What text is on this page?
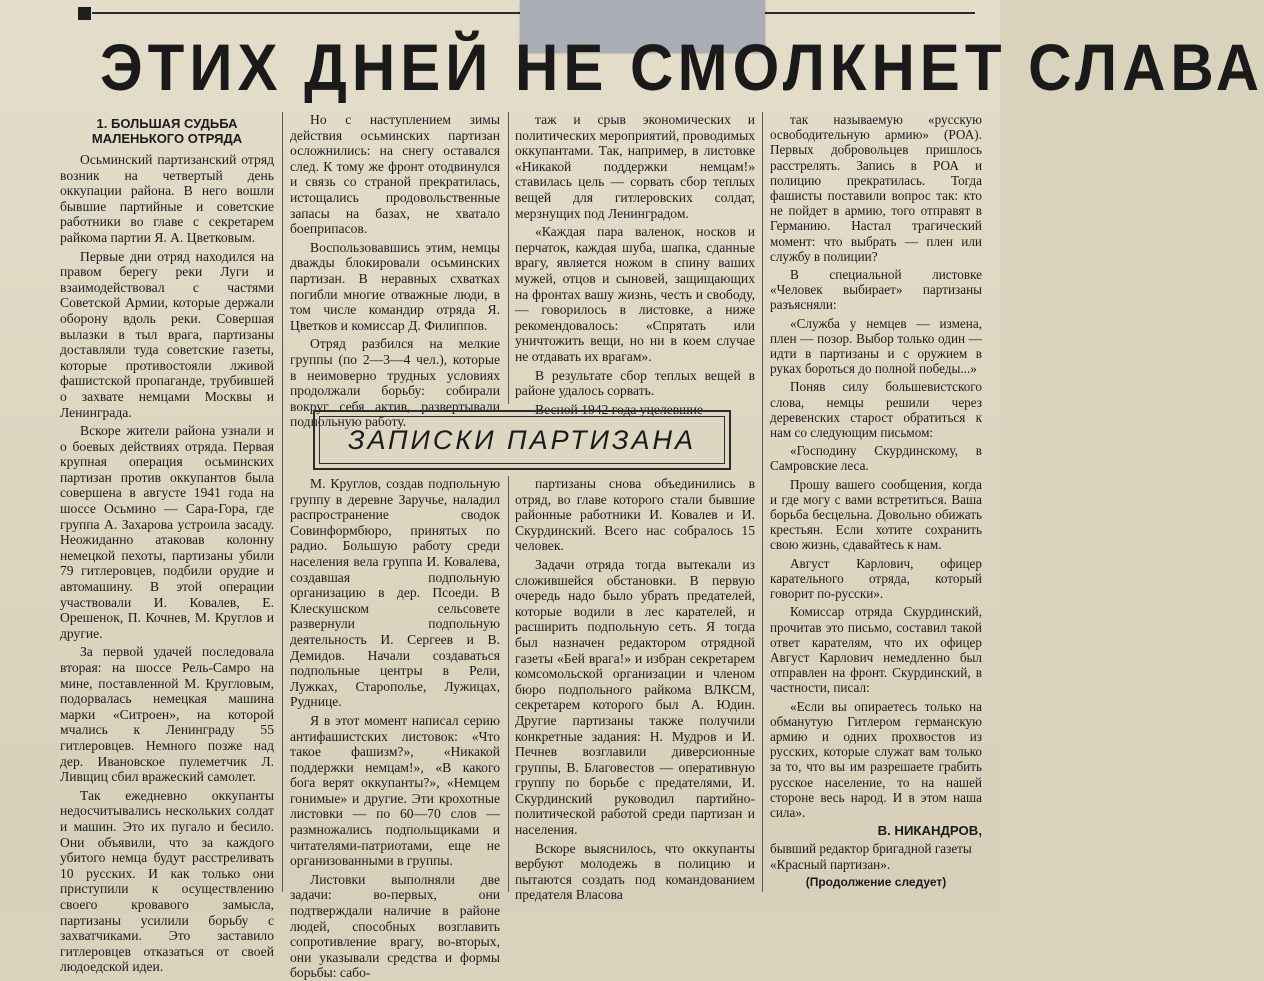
ЭТИХ ДНЕЙ НЕ СМОЛКНЕТ СЛАВА
1. БОЛЬШАЯ СУДЬБА МАЛЕНЬКОГО ОТРЯДА

Осьминский партизанский отряд возник на четвертый день оккупации района. В него вошли бывшие партийные и советские работники во главе с секретарем райкома партии Я. А. Цветковым.

Первые дни отряд находился на правом берегу реки Луги и взаимодействовал с частями Советской Армии, которые держали оборону вдоль реки. Совершая вылазки в тыл врага, партизаны доставляли туда советские газеты, которые противостояли лживой фашистской пропаганде, трубившей о захвате немцами Москвы и Ленинграда.

Вскоре жители района узнали и о боевых действиях отряда. Первая крупная операция осьминских партизан против оккупантов была совершена в августе 1941 года на шоссе Осьмино — Сара-Гора, где группа А. Захарова устроила засаду. Неожиданно атаковав колонну немецкой пехоты, партизаны убили 79 гитлеровцев, подбили орудие и автомашину. В этой операции участвовали И. Ковалев, Е. Орешенок, П. Кочнев, М. Круглов и другие.

За первой удачей последовала вторая: на шоссе Рель-Самро на мине, поставленной М. Кругловым, подорвалась немецкая машина марки «Ситроен», на которой мчались к Ленинграду 55 гитлеровцев. Немного позже над дер. Ивановское пулеметчик Л. Ливщиц сбил вражеский самолет.

Так ежедневно оккупанты недосчитывались нескольких солдат и машин. Это их пугало и бесило. Они объявили, что за каждого убитого немца будут расстреливать 10 русских. И как только они приступили к осуществлению своего кровавого замысла, партизаны усилили борьбу с захватчиками. Это заставило гитлеровцев отказаться от своей людоедской идеи.

Но с наступлением зимы действия осьминских партизан осложнились: на снегу оставался след. К тому же фронт отодвинулся и связь со страной прекратилась, истощались продовольственные запасы на базах, не хватало боеприпасов.

Воспользовавшись этим, немцы дважды блокировали осьминских партизан. В неравных схватках погибли многие отважные люди, в том числе командир отряда Я. Цветков и комиссар Д. Филиппов.

Отряд разбился на мелкие группы (по 2—3—4 чел.), которые в неимоверно трудных условиях продолжали борьбу: собирали вокруг себя актив, развертывали подпольную работу.

таж и срыв экономических и политических мероприятий, проводимых оккупантами. Так, например, в листовке «Никакой поддержки немцам!» ставилась цель — сорвать сбор теплых вещей для гитлеровских солдат, мерзнущих под Ленинградом.

«Каждая пара валенок, носков и перчаток, каждая шуба, шапка, сданные врагу, является ножом в спину ваших мужей, отцов и сыновей, защищающих на фронтах вашу жизнь, честь и свободу, — говорилось в листовке, а ниже рекомендовалось: «Спрятать или уничтожить вещи, но ни в коем случае не отдавать их врагам».

В результате сбор теплых вещей в районе удалось сорвать.

Весной 1942 года уцелевшие

ЗАПИСКИ ПАРТИЗАНА

М. Круглов, создав подпольную группу в деревне Заручье, наладил распространение сводок Совинформбюро, принятых по радио. Большую работу среди населения вела группа И. Ковалева, создавшая подпольную организацию в дер. Псоеди. В Клескушском сельсовете развернули подпольную деятельность И. Сергеев и В. Демидов. Начали создаваться подпольные центры в Рели, Лужках, Старополье, Лужицах, Руднице.

Я в этот момент написал серию антифашистских листовок: «Что такое фашизм?», «Никакой поддержки немцам!», «В какого бога верят оккупанты?», «Немцем гонимые» и другие. Эти крохотные листовки — по 60—70 слов — размножались подпольщиками и читателями-патриотами, еще не организованными в группы.

Листовки выполняли две задачи: во-первых, они подтверждали наличие в районе людей, способных возглавить сопротивление врагу, во-вторых, они указывали средства и формы борьбы: сабо-

партизаны снова объединились в отряд, во главе которого стали бывшие районные работники И. Ковалев и И. Скурдинский. Всего нас собралось 15 человек.

Задачи отряда тогда вытекали из сложившейся обстановки. В первую очередь надо было убрать предателей, которые водили в лес карателей, и расширить подпольную сеть. Я тогда был назначен редактором отрядной газеты «Бей врага!» и избран секретарем комсомольской организации и членом бюро подпольного райкома ВЛКСМ, секретарем которого был А. Юдин. Другие партизаны также получили конкретные задания: Н. Мудров и И. Печнев возглавили диверсионные группы, В. Благовестов — оперативную группу по борьбе с предателями, И. Скурдинский руководил партийно-политической работой среди партизан и населения.

Вскоре выяснилось, что оккупанты вербуют молодежь в полицию и пытаются создать под командованием предателя Власова

так называемую «русскую освободительную армию» (РОА). Первых добровольцев пришлось расстрелять. Запись в РОА и полицию прекратилась. Тогда фашисты поставили вопрос так: кто не пойдет в армию, того отправят в Германию. Настал трагический момент: что выбрать — плен или службу в полиции?

В специальной листовке «Человек выбирает» партизаны разъясняли:

«Служба у немцев — измена, плен — позор. Выбор только один — идти в партизаны и с оружием в руках бороться до полной победы...»

Поняв силу большевистского слова, немцы решили через деревенских старост обратиться к нам со следующим письмом:

«Господину Скурдинскому, в Самровские леса.

Прошу вашего сообщения, когда и где могу с вами встретиться. Ваша борьба бесцельна. Довольно обижать крестьян. Если хотите сохранить свою жизнь, сдавайтесь к нам.

Август Карлович, офицер карательного отряда, который говорит по-русски».

Комиссар отряда Скурдинский, прочитав это письмо, составил такой ответ карателям, что их офицер Август Карлович немедленно был отправлен на фронт. Скурдинский, в частности, писал:

«Если вы опираетесь только на обманутую Гитлером германскую армию и одних прохвостов из русских, которые служат вам только за то, что вы им разрешаете грабить русское население, то на нашей стороне весь народ. И в этом наша сила».

В. НИКАНДРОВ,

бывший редактор бригадной газеты «Красный партизан».

(Продолжение следует)
